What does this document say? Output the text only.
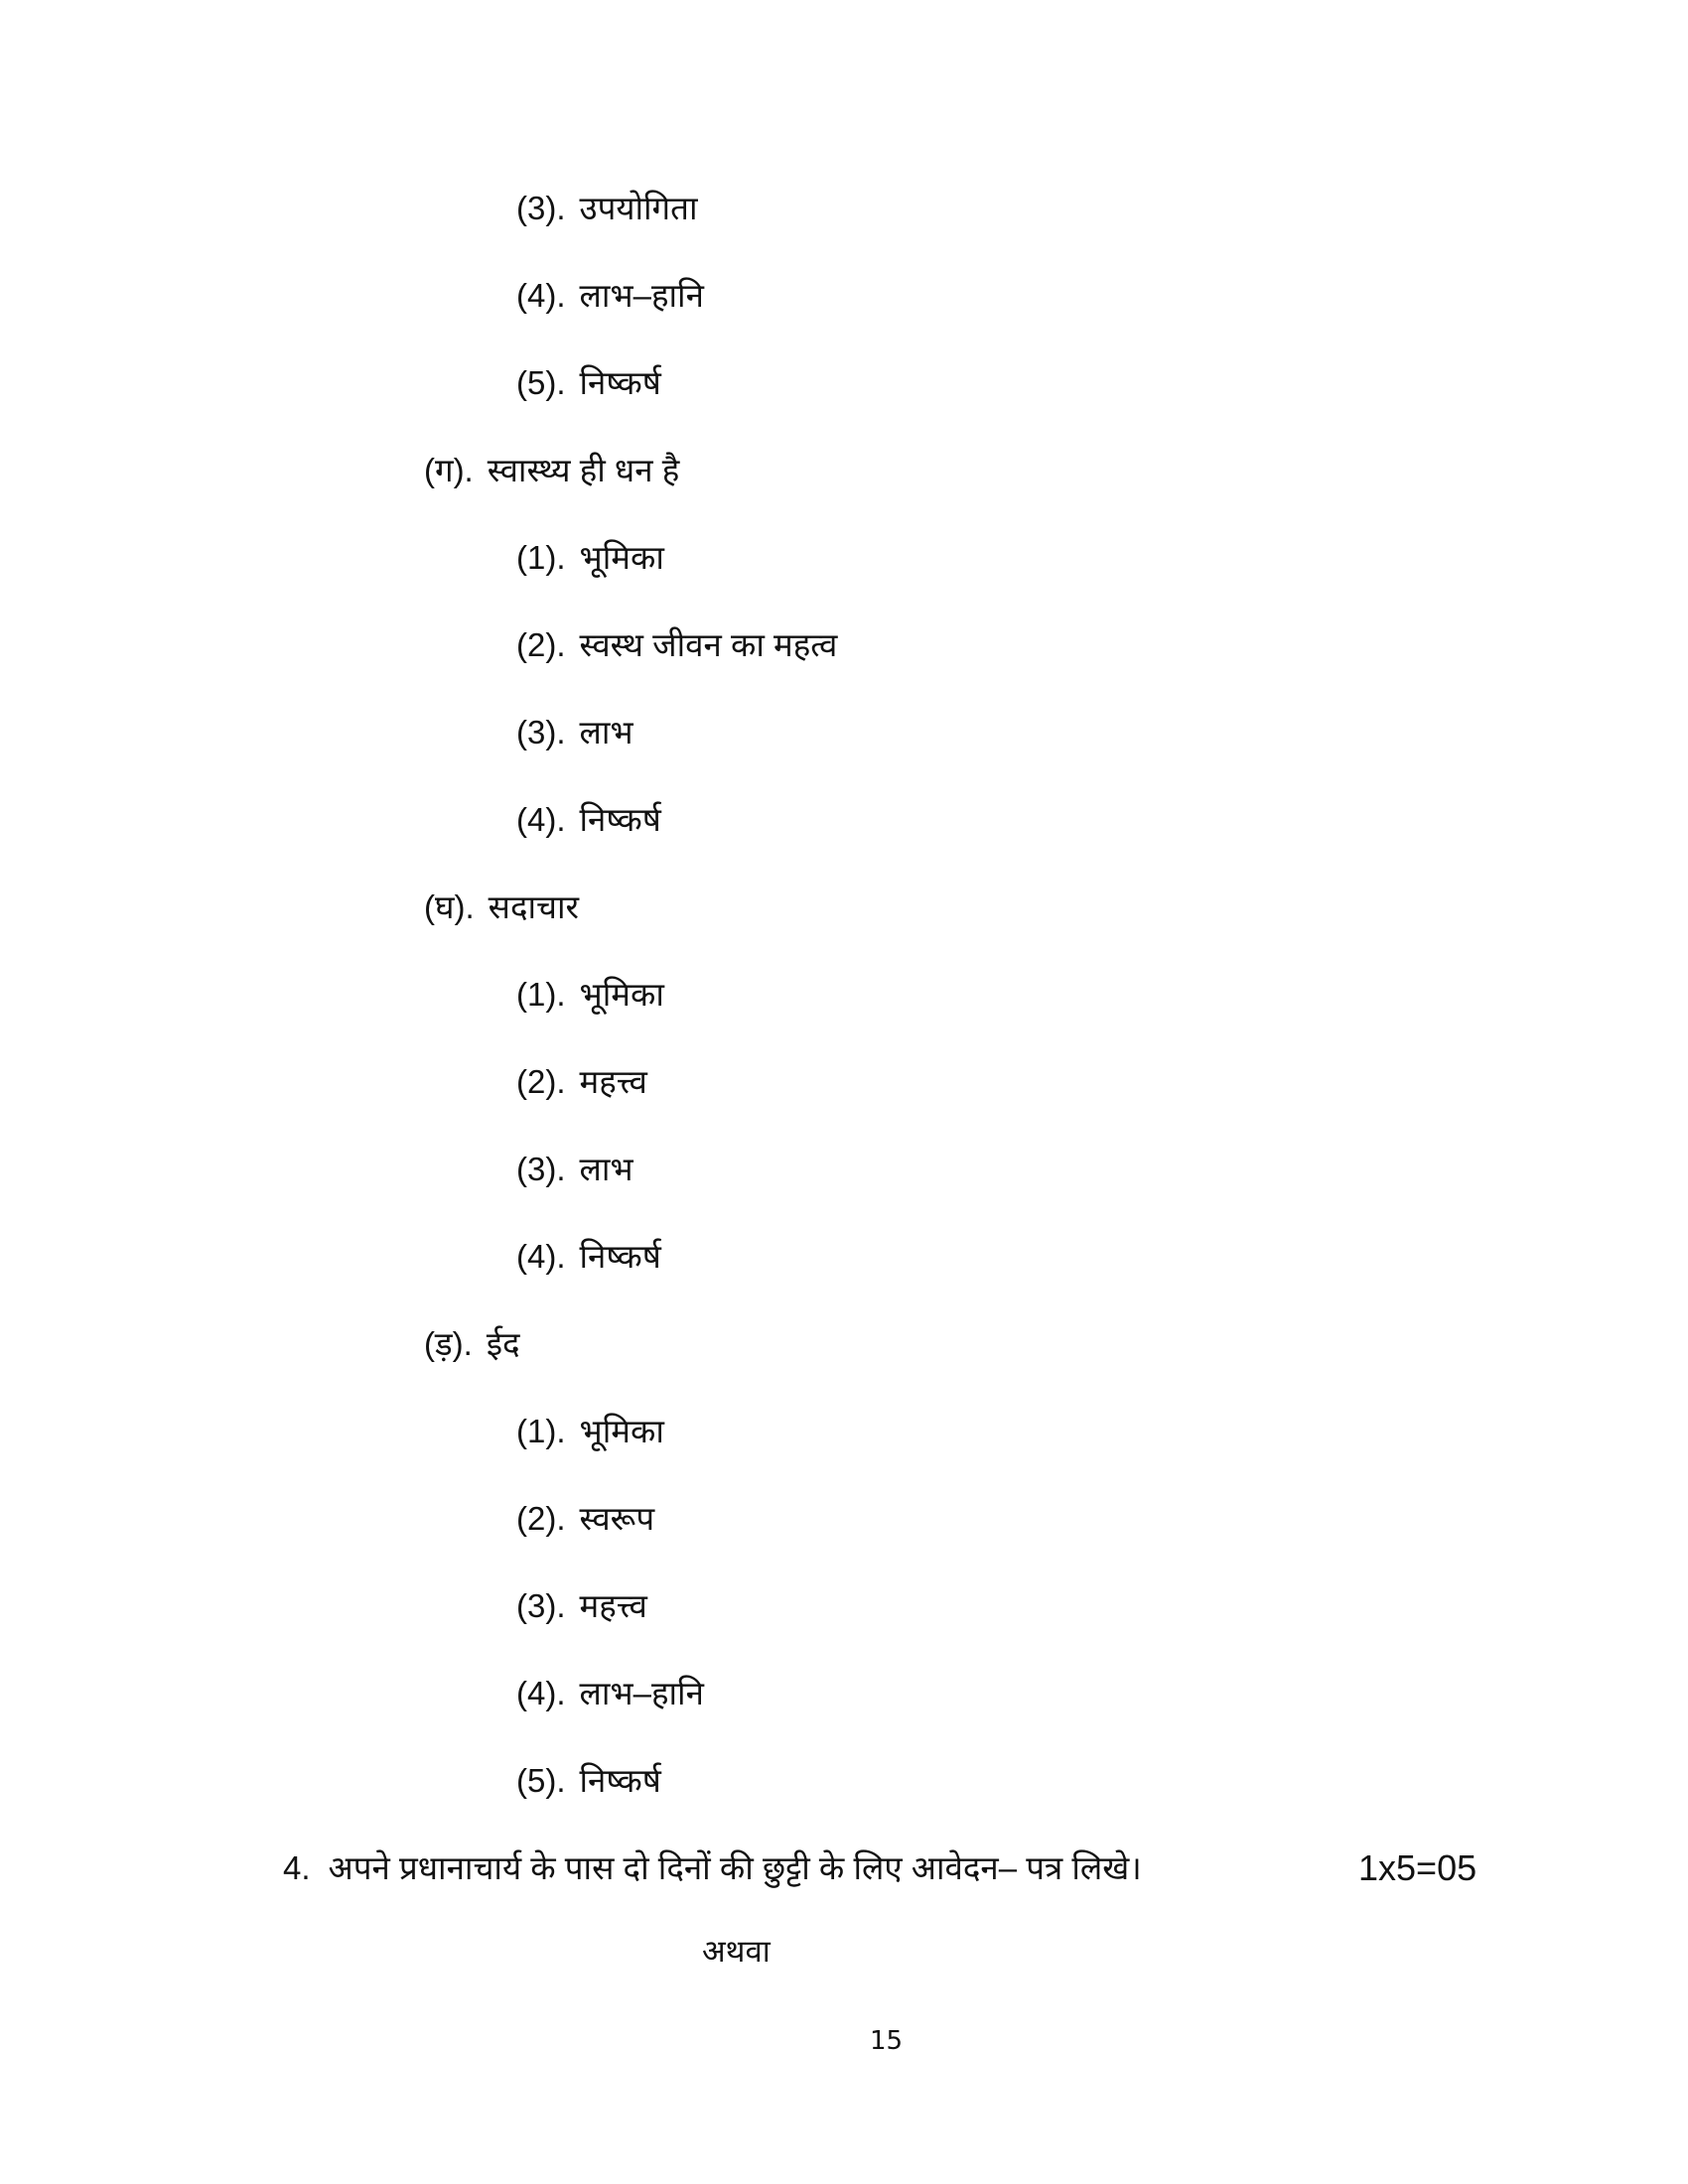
(3). उपयोगिता
(4). लाभ–हानि
(5). निष्कर्ष
(ग). स्वास्थ्य ही धन है
(1). भूमिका
(2). स्वस्थ जीवन का महत्व
(3). लाभ
(4). निष्कर्ष
(घ). सदाचार
(1). भूमिका
(2). महत्त्व
(3). लाभ
(4). निष्कर्ष
(ड़). ईद
(1). भूमिका
(2). स्वरूप
(3). महत्त्व
(4). लाभ–हानि
(5). निष्कर्ष
4. अपने प्रधानाचार्य के पास दो दिनों की छुट्टी के लिए आवेदन– पत्र लिखे।	1x5=05
अथवा
15
